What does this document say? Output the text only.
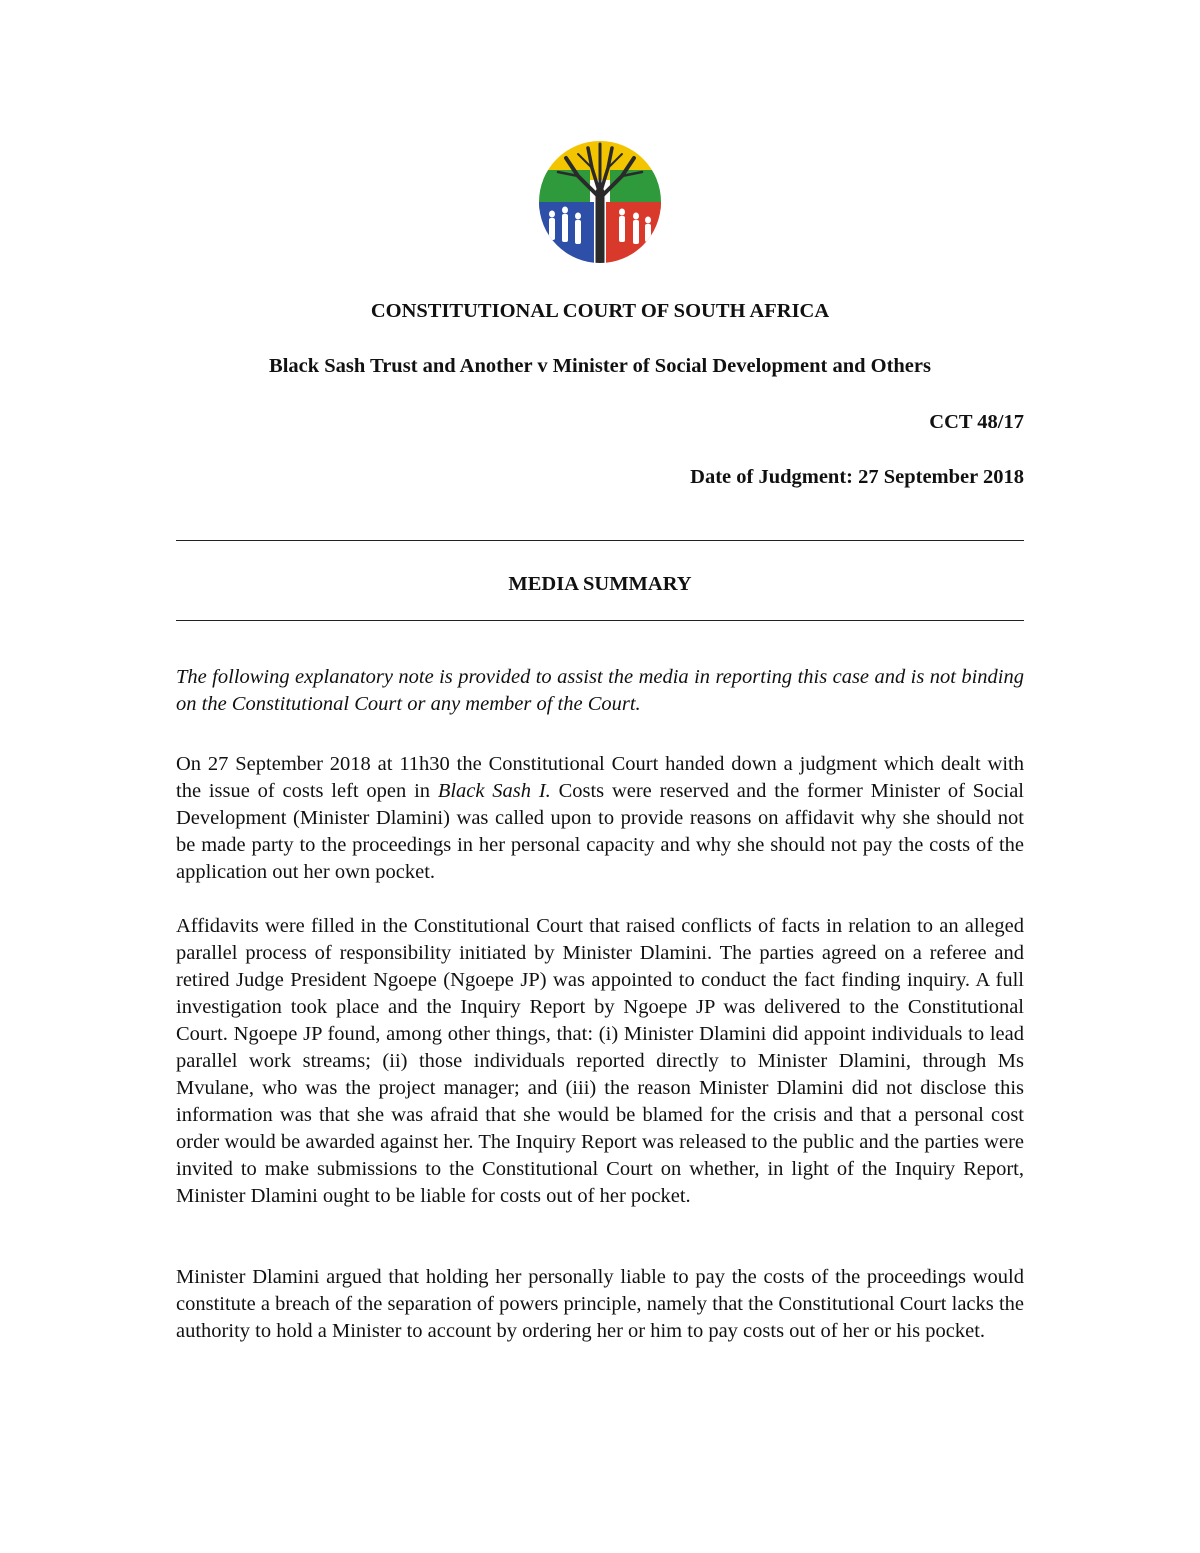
CONSTITUTIONAL COURT OF SOUTH AFRICA

Black Sash Trust and Another v Minister of Social Development and Others

CCT 48/17

Date of Judgment: 27 September 2018

MEDIA SUMMARY

The following explanatory note is provided to assist the media in reporting this case and is not binding on the Constitutional Court or any member of the Court.

On 27 September 2018 at 11h30 the Constitutional Court handed down a judgment which dealt with the issue of costs left open in Black Sash I. Costs were reserved and the former Minister of Social Development (Minister Dlamini) was called upon to provide reasons on affidavit why she should not be made party to the proceedings in her personal capacity and why she should not pay the costs of the application out her own pocket.

Affidavits were filled in the Constitutional Court that raised conflicts of facts in relation to an alleged parallel process of responsibility initiated by Minister Dlamini. The parties agreed on a referee and retired Judge President Ngoepe (Ngoepe JP) was appointed to conduct the fact finding inquiry. A full investigation took place and the Inquiry Report by Ngoepe JP was delivered to the Constitutional Court. Ngoepe JP found, among other things, that: (i) Minister Dlamini did appoint individuals to lead parallel work streams; (ii) those individuals reported directly to Minister Dlamini, through Ms Mvulane, who was the project manager; and (iii) the reason Minister Dlamini did not disclose this information was that she was afraid that she would be blamed for the crisis and that a personal cost order would be awarded against her. The Inquiry Report was released to the public and the parties were invited to make submissions to the Constitutional Court on whether, in light of the Inquiry Report, Minister Dlamini ought to be liable for costs out of her pocket.

Minister Dlamini argued that holding her personally liable to pay the costs of the proceedings would constitute a breach of the separation of powers principle, namely that the Constitutional Court lacks the authority to hold a Minister to account by ordering her or him to pay costs out of her or his pocket.
